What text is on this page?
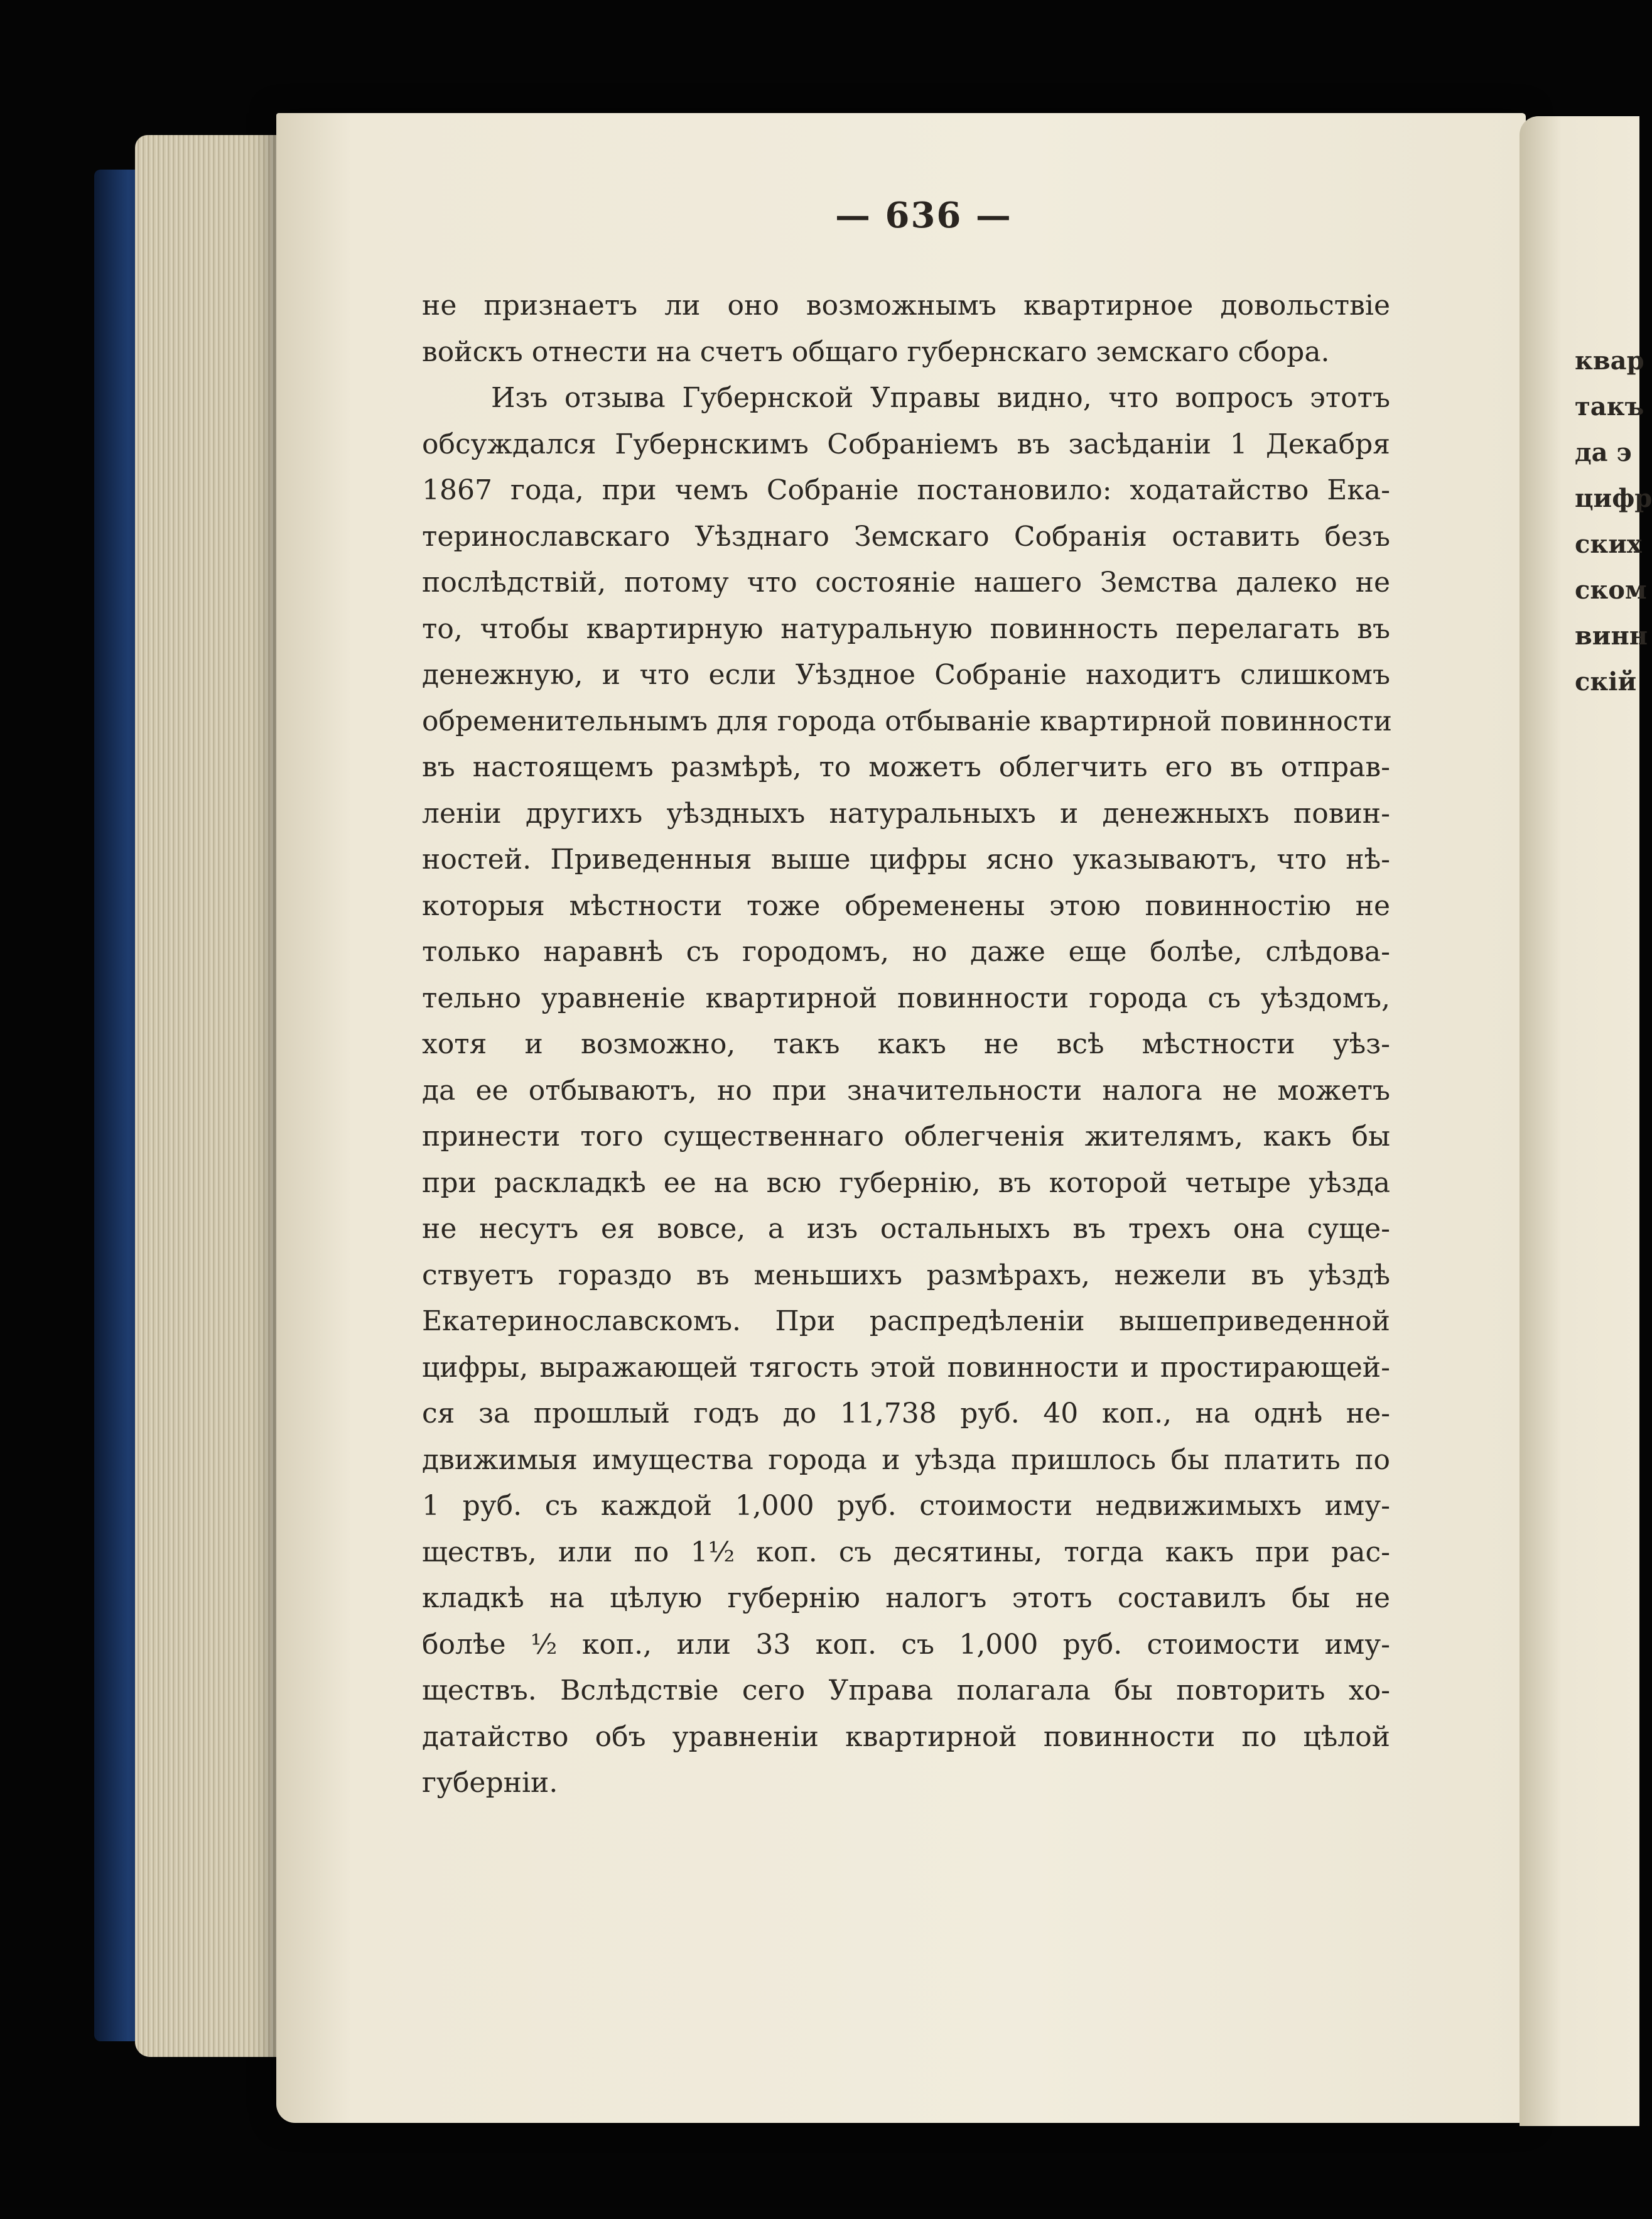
— 636 —
не признаетъ ли оно возможнымъ квартирное довольствіе
войскъ отнести на счетъ общаго губернскаго земскаго сбора.
Изъ отзыва Губернской Управы видно, что вопросъ этотъ
обсуждался Губернскимъ Собраніемъ въ засѣданіи 1 Декабря
1867 года, при чемъ Собраніе постановило: ходатайство Ека-
теринославскаго Уѣзднаго Земскаго Собранія оставить безъ
послѣдствій, потому что состояніе нашего Земства далеко не
то, чтобы квартирную натуральную повинность перелагать въ
денежную, и что если Уѣздное Собраніе находитъ слишкомъ
обременительнымъ для города отбываніе квартирной повинности
въ настоящемъ размѣрѣ, то можетъ облегчить его въ отправ-
леніи другихъ уѣздныхъ натуральныхъ и денежныхъ повин-
ностей. Приведенныя выше цифры ясно указываютъ, что нѣ-
которыя мѣстности тоже обременены этою повинностію не
только наравнѣ съ городомъ, но даже еще болѣе, слѣдова-
тельно уравненіе квартирной повинности города съ уѣздомъ,
хотя и возможно, такъ какъ не всѣ мѣстности уѣз-
да ее отбываютъ, но при значительности налога не можетъ
принести того существеннаго облегченія жителямъ, какъ бы
при раскладкѣ ее на всю губернію, въ которой четыре уѣзда
не несутъ ея вовсе, а изъ остальныхъ въ трехъ она суще-
ствуетъ гораздо въ меньшихъ размѣрахъ, нежели въ уѣздѣ
Екатеринославскомъ. При распредѣленіи вышеприведенной
цифры, выражающей тягость этой повинности и простирающей-
ся за прошлый годъ до 11,738 руб. 40 коп., на однѣ не-
движимыя имущества города и уѣзда пришлось бы платить по
1 руб. съ каждой 1,000 руб. стоимости недвижимыхъ иму-
ществъ, или по 1½ коп. съ десятины, тогда какъ при рас-
кладкѣ на цѣлую губернію налогъ этотъ составилъ бы не
болѣе ½ коп., или 33 коп. съ 1,000 руб. стоимости иму-
ществъ. Вслѣдствіе сего Управа полагала бы повторить хо-
датайство объ уравненіи квартирной повинности по цѣлой
губерніи.
квар
такъ
да э
цифр
ских
ском
винн
скій
